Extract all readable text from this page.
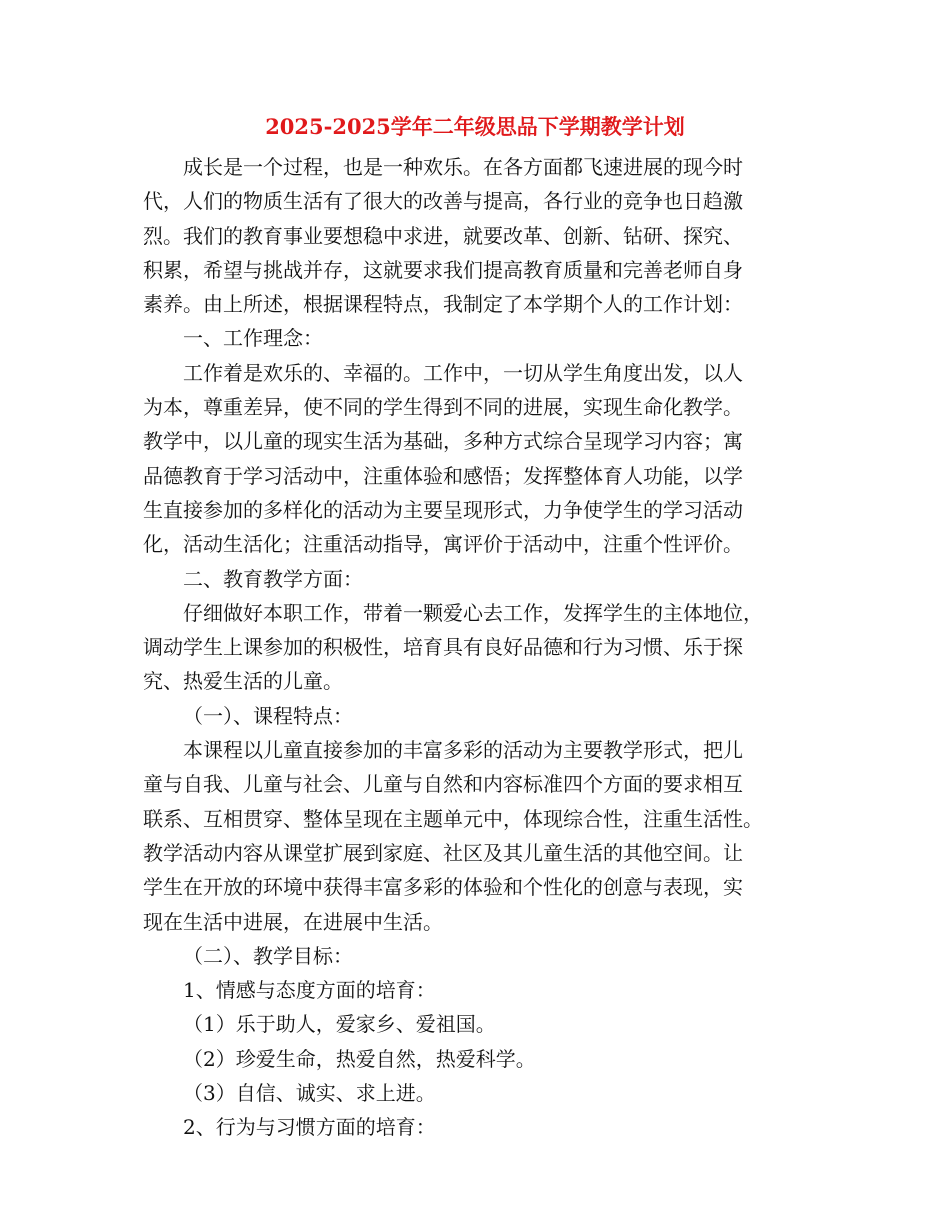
2025-2025学年二年级思品下学期教学计划
成长是一个过程，也是一种欢乐。在各方面都飞速进展的现今时
代，人们的物质生活有了很大的改善与提高，各行业的竞争也日趋激
烈。我们的教育事业要想稳中求进，就要改革、创新、钻研、探究、
积累，希望与挑战并存，这就要求我们提高教育质量和完善老师自身
素养。由上所述，根据课程特点，我制定了本学期个人的工作计划：
一、工作理念：
工作着是欢乐的、幸福的。工作中，一切从学生角度出发，以人
为本，尊重差异，使不同的学生得到不同的进展，实现生命化教学。
教学中，以儿童的现实生活为基础，多种方式综合呈现学习内容；寓
品德教育于学习活动中，注重体验和感悟；发挥整体育人功能，以学
生直接参加的多样化的活动为主要呈现形式，力争使学生的学习活动
化，活动生活化；注重活动指导，寓评价于活动中，注重个性评价。
二、教育教学方面：
仔细做好本职工作，带着一颗爱心去工作，发挥学生的主体地位，
调动学生上课参加的积极性，培育具有良好品德和行为习惯、乐于探
究、热爱生活的儿童。
（一）、课程特点：
本课程以儿童直接参加的丰富多彩的活动为主要教学形式，把儿
童与自我、儿童与社会、儿童与自然和内容标准四个方面的要求相互
联系、互相贯穿、整体呈现在主题单元中，体现综合性，注重生活性。
教学活动内容从课堂扩展到家庭、社区及其儿童生活的其他空间。让
学生在开放的环境中获得丰富多彩的体验和个性化的创意与表现，实
现在生活中进展，在进展中生活。
（二）、教学目标：
1、情感与态度方面的培育：
（1）乐于助人，爱家乡、爱祖国。
（2）珍爱生命，热爱自然，热爱科学。
（3）自信、诚实、求上进。
2、行为与习惯方面的培育：
